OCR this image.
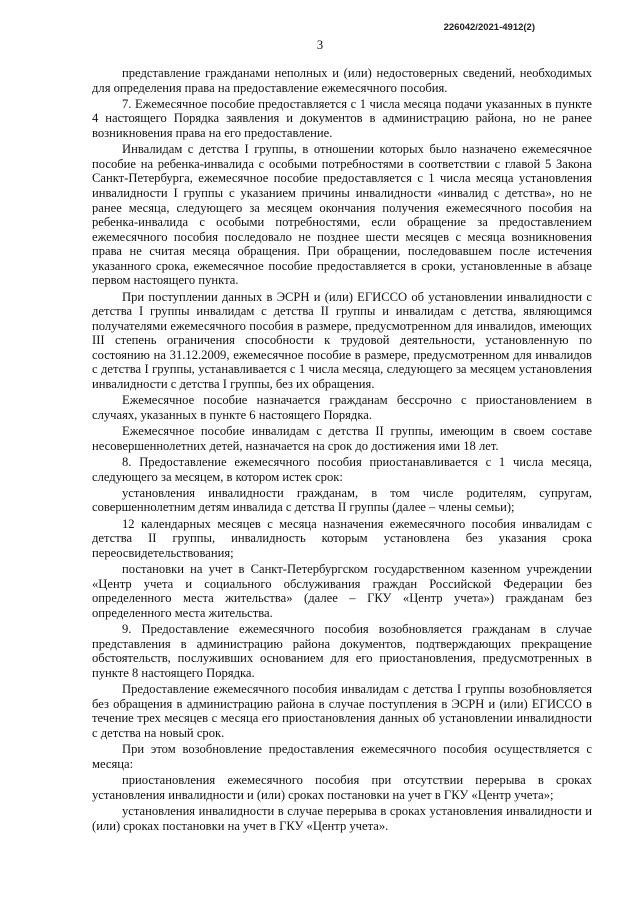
226042/2021-4912(2)
3

представление гражданами неполных и (или) недостоверных сведений, необходимых для определения права на предоставление ежемесячного пособия.

7. Ежемесячное пособие предоставляется с 1 числа месяца подачи указанных в пункте 4 настоящего Порядка заявления и документов в администрацию района, но не ранее возникновения права на его предоставление.

Инвалидам с детства I группы, в отношении которых было назначено ежемесячное пособие на ребенка-инвалида с особыми потребностями в соответствии с главой 5 Закона Санкт-Петербурга, ежемесячное пособие предоставляется с 1 числа месяца установления инвалидности I группы с указанием причины инвалидности «инвалид с детства», но не ранее месяца, следующего за месяцем окончания получения ежемесячного пособия на ребенка-инвалида с особыми потребностями, если обращение за предоставлением ежемесячного пособия последовало не позднее шести месяцев с месяца возникновения права не считая месяца обращения. При обращении, последовавшем после истечения указанного срока, ежемесячное пособие предоставляется в сроки, установленные в абзаце первом настоящего пункта.

При поступлении данных в ЭСРН и (или) ЕГИССО об установлении инвалидности с детства I группы инвалидам с детства II группы и инвалидам с детства, являющимся получателями ежемесячного пособия в размере, предусмотренном для инвалидов, имеющих III степень ограничения способности к трудовой деятельности, установленную по состоянию на 31.12.2009, ежемесячное пособие в размере, предусмотренном для инвалидов с детства I группы, устанавливается с 1 числа месяца, следующего за месяцем установления инвалидности с детства I группы, без их обращения.

Ежемесячное пособие назначается гражданам бессрочно с приостановлением в случаях, указанных в пункте 6 настоящего Порядка.

Ежемесячное пособие инвалидам с детства II группы, имеющим в своем составе несовершеннолетних детей, назначается на срок до достижения ими 18 лет.

8. Предоставление ежемесячного пособия приостанавливается с 1 числа месяца, следующего за месяцем, в котором истек срок:

установления инвалидности гражданам, в том числе родителям, супругам, совершеннолетним детям инвалида с детства II группы (далее – члены семьи);

12 календарных месяцев с месяца назначения ежемесячного пособия инвалидам с детства II группы, инвалидность которым установлена без указания срока переосвидетельствования;

постановки на учет в Санкт-Петербургском государственном казенном учреждении «Центр учета и социального обслуживания граждан Российской Федерации без определенного места жительства» (далее – ГКУ «Центр учета») гражданам без определенного места жительства.

9. Предоставление ежемесячного пособия возобновляется гражданам в случае представления в администрацию района документов, подтверждающих прекращение обстоятельств, послуживших основанием для его приостановления, предусмотренных в пункте 8 настоящего Порядка.

Предоставление ежемесячного пособия инвалидам с детства I группы возобновляется без обращения в администрацию района в случае поступления в ЭСРН и (или) ЕГИССО в течение трех месяцев с месяца его приостановления данных об установлении инвалидности с детства на новый срок.

При этом возобновление предоставления ежемесячного пособия осуществляется с месяца:

приостановления ежемесячного пособия при отсутствии перерыва в сроках установления инвалидности и (или) сроках постановки на учет в ГКУ «Центр учета»;

установления инвалидности в случае перерыва в сроках установления инвалидности и (или) сроках постановки на учет в ГКУ «Центр учета».
